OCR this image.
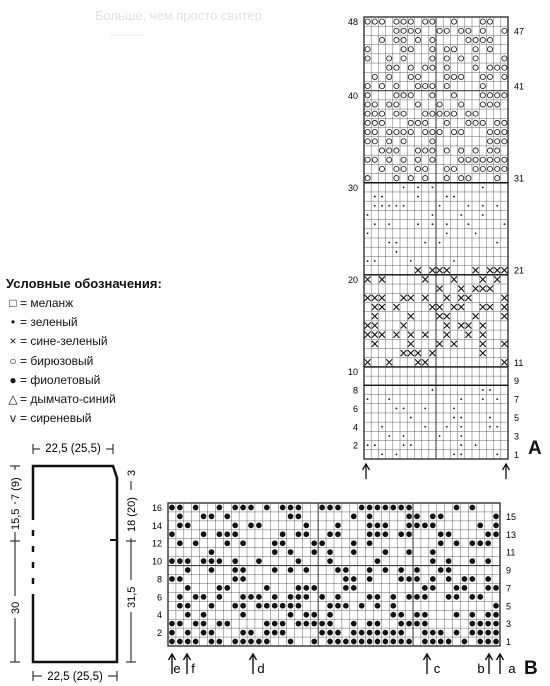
Больше, чем просто свитер
———
22,5 (25,5)
22,5 (25,5)
7 (9)
15,5
30
3
18 (20)
31,5
2
4
6
8
10
20
30
40
48
1
3
5
7
9
11
21
31
41
47
2
4
6
8
10
12
14
16
1
3
5
7
9
11
13
15
e f	d	c	b a
Условные обозначения:
□ = меланж
• = зеленый
× = сине-зеленый
○ = бирюзовый
● = фиолетовый
△ = дымчато-синий
v = сиреневый
A
B
